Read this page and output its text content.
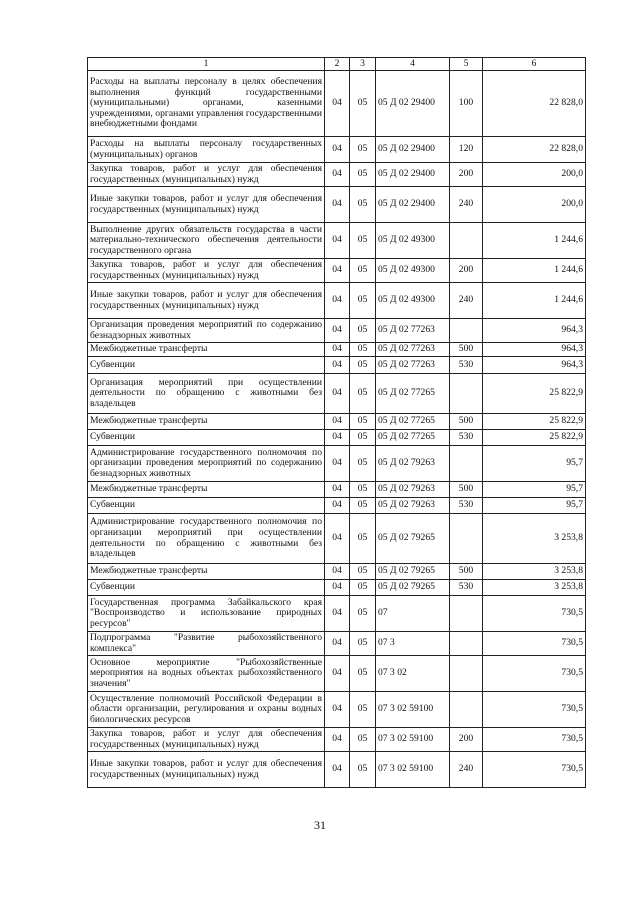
1	2	3	4	5	6
Расходы на выплаты персоналу в целях обеспечения выполнения функций государственными (муниципальными) органами, казенными учреждениями, органами управления государственными внебюджетными фондами	04	05	05 Д 02 29400	100	22 828,0
Расходы на выплаты персоналу государственных (муниципальных) органов	04	05	05 Д 02 29400	120	22 828,0
Закупка товаров, работ и услуг для обеспечения государственных (муниципальных) нужд	04	05	05 Д 02 29400	200	200,0
Иные закупки товаров, работ и услуг для обеспечения государственных (муниципальных) нужд	04	05	05 Д 02 29400	240	200,0
Выполнение других обязательств государства в части материально-технического обеспечения деятельности государственного органа	04	05	05 Д 02 49300		1 244,6
Закупка товаров, работ и услуг для обеспечения государственных (муниципальных) нужд	04	05	05 Д 02 49300	200	1 244,6
Иные закупки товаров, работ и услуг для обеспечения государственных (муниципальных) нужд	04	05	05 Д 02 49300	240	1 244,6
Организация проведения мероприятий по содержанию безнадзорных животных	04	05	05 Д 02 77263		964,3
Межбюджетные трансферты	04	05	05 Д 02 77263	500	964,3
Субвенции	04	05	05 Д 02 77263	530	964,3
Организация мероприятий при осуществлении деятельности по обращению с животными без владельцев	04	05	05 Д 02 77265		25 822,9
Межбюджетные трансферты	04	05	05 Д 02 77265	500	25 822,9
Субвенции	04	05	05 Д 02 77265	530	25 822,9
Администрирование государственного полномочия по организации проведения мероприятий по содержанию безнадзорных животных	04	05	05 Д 02 79263		95,7
Межбюджетные трансферты	04	05	05 Д 02 79263	500	95,7
Субвенции	04	05	05 Д 02 79263	530	95,7
Администрирование государственного полномочия по организации мероприятий при осуществлении деятельности по обращению с животными без владельцев	04	05	05 Д 02 79265		3 253,8
Межбюджетные трансферты	04	05	05 Д 02 79265	500	3 253,8
Субвенции	04	05	05 Д 02 79265	530	3 253,8
Государственная программа Забайкальского края "Воспроизводство и использование природных ресурсов"	04	05	07		730,5
Подпрограмма "Развитие рыбохозяйственного комплекса"	04	05	07 3		730,5
Основное мероприятие "Рыбохозяйственные мероприятия на водных объектах рыбохозяйственного значения"	04	05	07 3 02		730,5
Осуществление полномочий Российской Федерации в области организации, регулирования и охраны водных биологических ресурсов	04	05	07 3 02 59100		730,5
Закупка товаров, работ и услуг для обеспечения государственных (муниципальных) нужд	04	05	07 3 02 59100	200	730,5
Иные закупки товаров, работ и услуг для обеспечения государственных (муниципальных) нужд	04	05	07 3 02 59100	240	730,5
31
